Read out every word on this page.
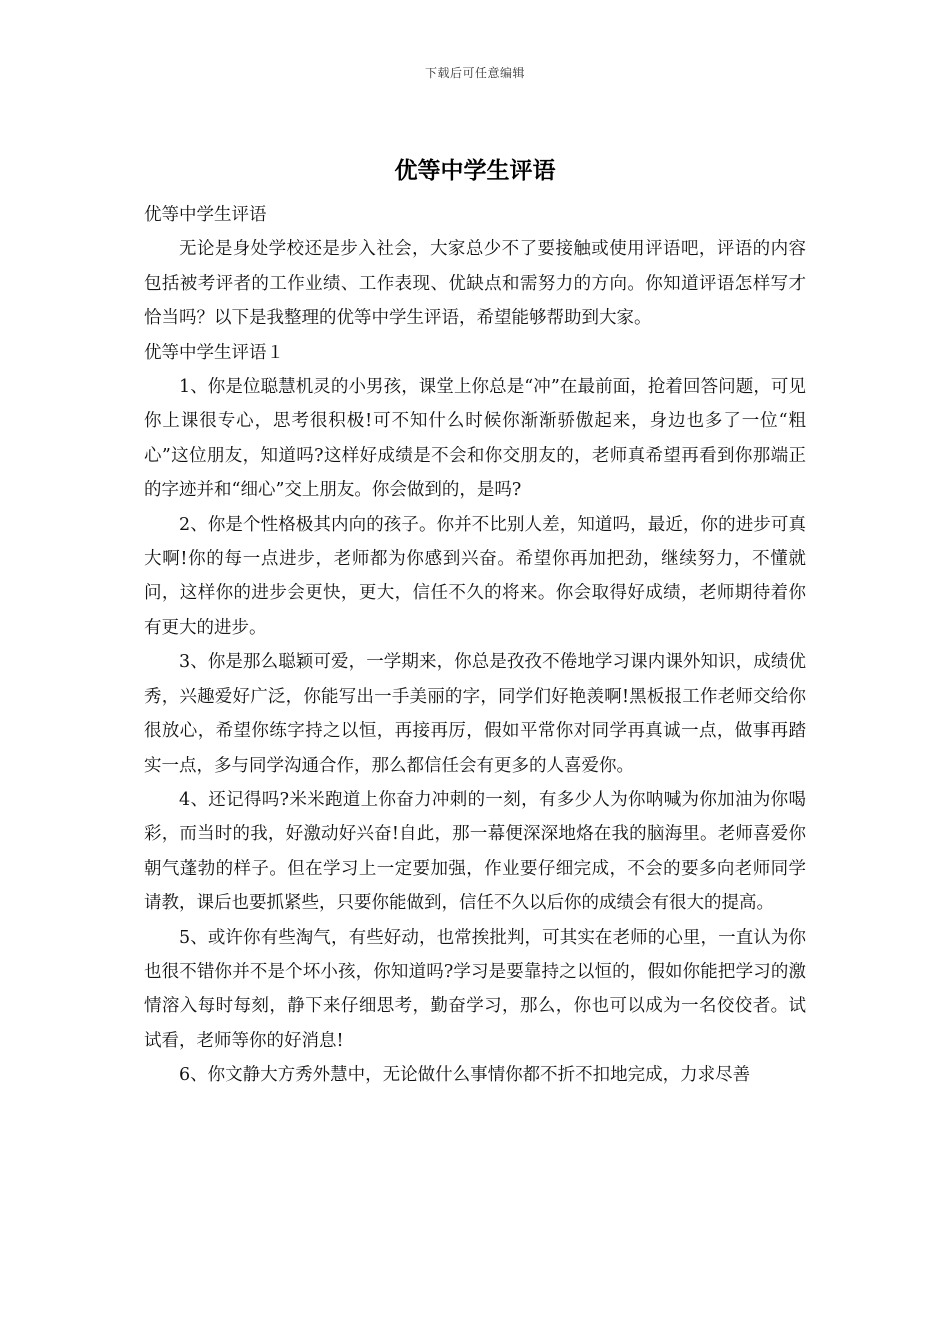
下载后可任意编辑
优等中学生评语

优等中学生评语

无论是身处学校还是步入社会，大家总少不了要接触或使用评语吧，评语的内容包括被考评者的工作业绩、工作表现、优缺点和需努力的方向。你知道评语怎样写才恰当吗？以下是我整理的优等中学生评语，希望能够帮助到大家。

优等中学生评语１

1、你是位聪慧机灵的小男孩，课堂上你总是“冲”在最前面，抢着回答问题，可见你上课很专心，思考很积极!可不知什么时候你渐渐骄傲起来，身边也多了一位“粗心”这位朋友，知道吗?这样好成绩是不会和你交朋友的，老师真希望再看到你那端正的字迹并和“细心”交上朋友。你会做到的，是吗?

2、你是个性格极其内向的孩子。你并不比别人差，知道吗，最近，你的进步可真大啊!你的每一点进步，老师都为你感到兴奋。希望你再加把劲，继续努力，不懂就问，这样你的进步会更快，更大，信任不久的将来。你会取得好成绩，老师期待着你有更大的进步。

3、你是那么聪颖可爱，一学期来，你总是孜孜不倦地学习课内课外知识，成绩优秀，兴趣爱好广泛，你能写出一手美丽的字，同学们好艳羡啊!黑板报工作老师交给你很放心，希望你练字持之以恒，再接再厉，假如平常你对同学再真诚一点，做事再踏实一点，多与同学沟通合作，那么都信任会有更多的人喜爱你。

4、还记得吗?米米跑道上你奋力冲刺的一刻，有多少人为你呐喊为你加油为你喝彩，而当时的我，好激动好兴奋!自此，那一幕便深深地烙在我的脑海里。老师喜爱你朝气蓬勃的样子。但在学习上一定要加强，作业要仔细完成，不会的要多向老师同学请教，课后也要抓紧些，只要你能做到，信任不久以后你的成绩会有很大的提高。

5、或许你有些淘气，有些好动，也常挨批判，可其实在老师的心里，一直认为你也很不错你并不是个坏小孩，你知道吗?学习是要靠持之以恒的，假如你能把学习的激情溶入每时每刻，静下来仔细思考，勤奋学习，那么，你也可以成为一名佼佼者。试试看，老师等你的好消息!

6、你文静大方秀外慧中，无论做什么事情你都不折不扣地完成，力求尽善
